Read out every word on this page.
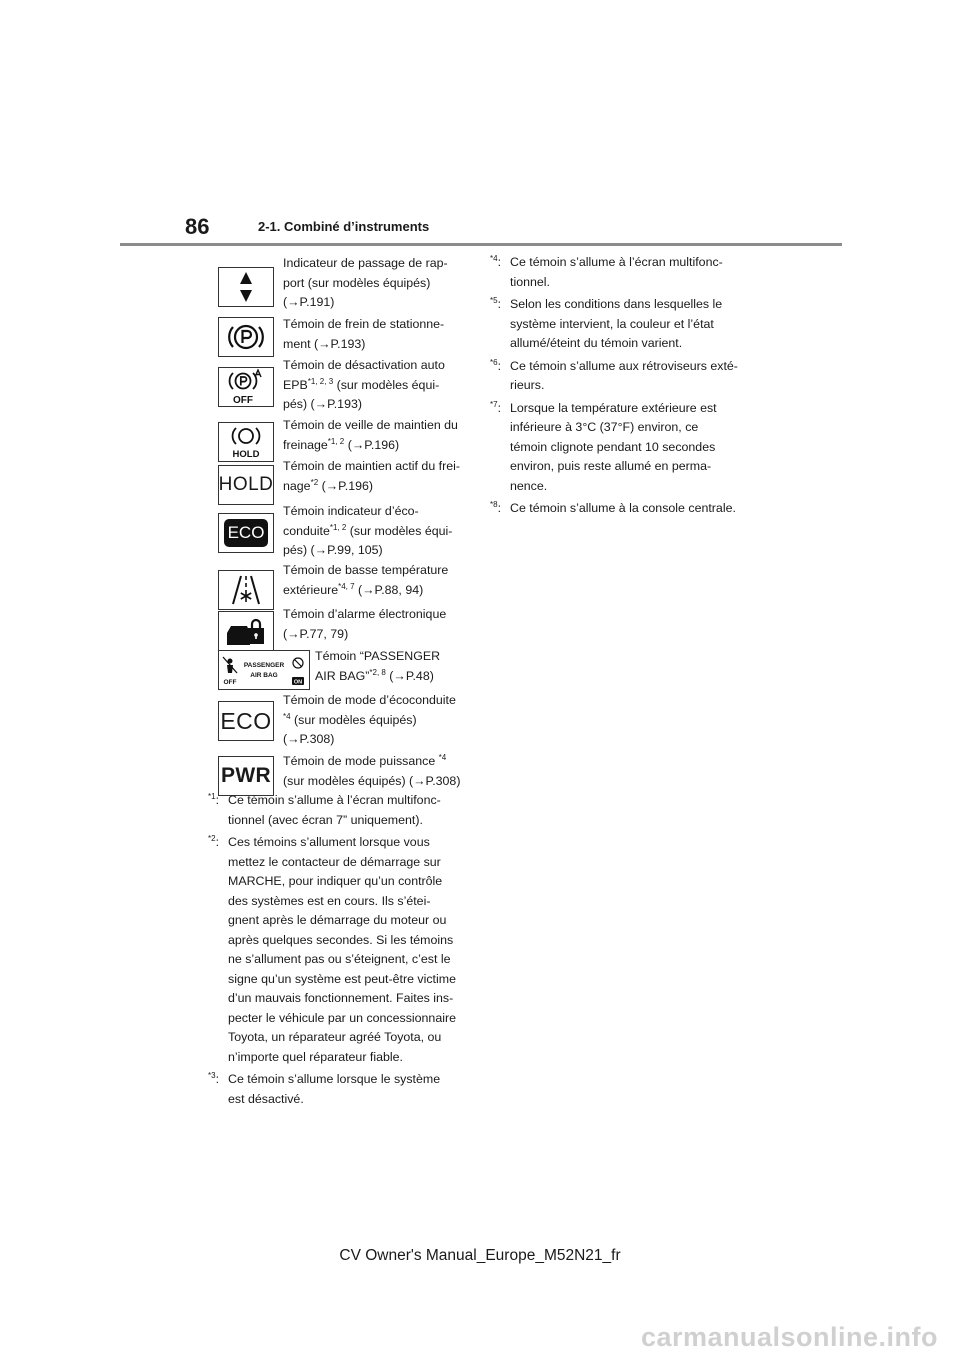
86	2-1. Combiné d’instruments
Indicateur de passage de rap-
port (sur modèles équipés)
(→P.191)
Témoin de frein de stationne-
ment (→P.193)
OFF
Témoin de désactivation auto
EPB$^{*1, 2, 3}$ (sur modèles équi-
pés) (→P.193)
HOLD
Témoin de veille de maintien du
freinage$^{*1, 2}$ (→P.196)
HOLD
Témoin de maintien actif du frei-
nage$^{*2}$ (→P.196)
ECO
Témoin indicateur d’éco-
conduite$^{*1, 2}$ (sur modèles équi-
pés) (→P.99, 105)
Témoin de basse température
extérieure$^{*4, 7}$ (→P.88, 94)
Témoin d’alarme électronique
(→P.77, 79)
OFF
PASSENGER
AIR BAG
ON
Témoin “PASSENGER
AIR BAG”$^{*2, 8}$ (→P.48)
ECO
Témoin de mode d’écoconduite
$^{*4}$ (sur modèles équipés)
(→P.308)
PWR
Témoin de mode puissance $^{*4}$
(sur modèles équipés) (→P.308)
$^{*1}$: Ce témoin s’allume à l’écran multifonc-
tionnel (avec écran 7” uniquement).
$^{*2}$: Ces témoins s’allument lorsque vous
mettez le contacteur de démarrage sur
MARCHE, pour indiquer qu’un contrôle
des systèmes est en cours. Ils s’étei-
gnent après le démarrage du moteur ou
après quelques secondes. Si les témoins
ne s’allument pas ou s’éteignent, c’est le
signe qu’un système est peut-être victime
d’un mauvais fonctionnement. Faites ins-
pecter le véhicule par un concessionnaire
Toyota, un réparateur agréé Toyota, ou
n’importe quel réparateur fiable.
$^{*3}$: Ce témoin s’allume lorsque le système
est désactivé.
$^{*4}$: Ce témoin s’allume à l’écran multifonc-
tionnel.
$^{*5}$: Selon les conditions dans lesquelles le
système intervient, la couleur et l’état
allumé/éteint du témoin varient.
$^{*6}$: Ce témoin s’allume aux rétroviseurs exté-
rieurs.
$^{*7}$: Lorsque la température extérieure est
inférieure à 3°C (37°F) environ, ce
témoin clignote pendant 10 secondes
environ, puis reste allumé en perma-
nence.
$^{*8}$: Ce témoin s’allume à la console centrale.
CV Owner's Manual_Europe_M52N21_fr
carmanualsonline.info
